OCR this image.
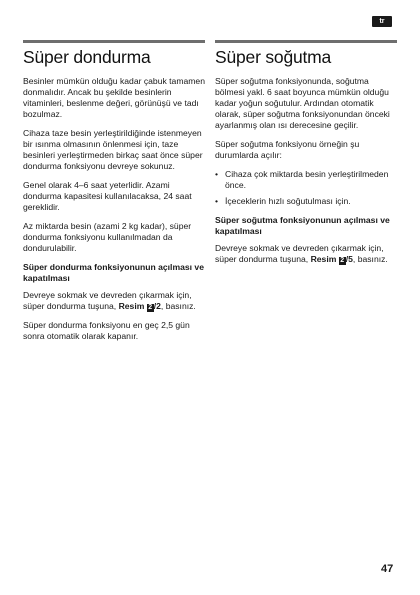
tr
Süper dondurma

Besinler mümkün olduğu kadar çabuk tamamen donmalıdır. Ancak bu şekilde besinlerin vitaminleri, beslenme değeri, görünüşü ve tadı bozulmaz.

Cihaza taze besin yerleştirildiğinde istenmeyen bir ısınma olmasının önlenmesi için, taze besinleri yerleştirmeden birkaç saat önce süper dondurma fonksiyonu devreye sokunuz.

Genel olarak 4–6 saat yeterlidir. Azami dondurma kapasitesi kullanılacaksa, 24 saat gereklidir.

Az miktarda besin (azami 2 kg kadar), süper dondurma fonksiyonu kullanılmadan da dondurulabilir.

Süper dondurma fonksiyonunun açılması ve kapatılması

Devreye sokmak ve devreden çıkarmak için, süper dondurma tuşuna, Resim 2 /2, basınız.

Süper dondurma fonksiyonu en geç 2,5 gün sonra otomatik olarak kapanır.

Süper soğutma

Süper soğutma fonksiyonunda, soğutma bölmesi yakl. 6 saat boyunca mümkün olduğu kadar yoğun soğutulur. Ardından otomatik olarak, süper soğutma fonksiyonundan önceki ayarlanmış olan ısı derecesine geçilir.

Süper soğutma fonksiyonu örneğin şu durumlarda açılır:

• Cihaza çok miktarda besin yerleştirilmeden önce.
• İçeceklerin hızlı soğutulması için.

Süper soğutma fonksiyonunun açılması ve kapatılması

Devreye sokmak ve devreden çıkarmak için, süper dondurma tuşuna, Resim 2 /5, basınız.

47
